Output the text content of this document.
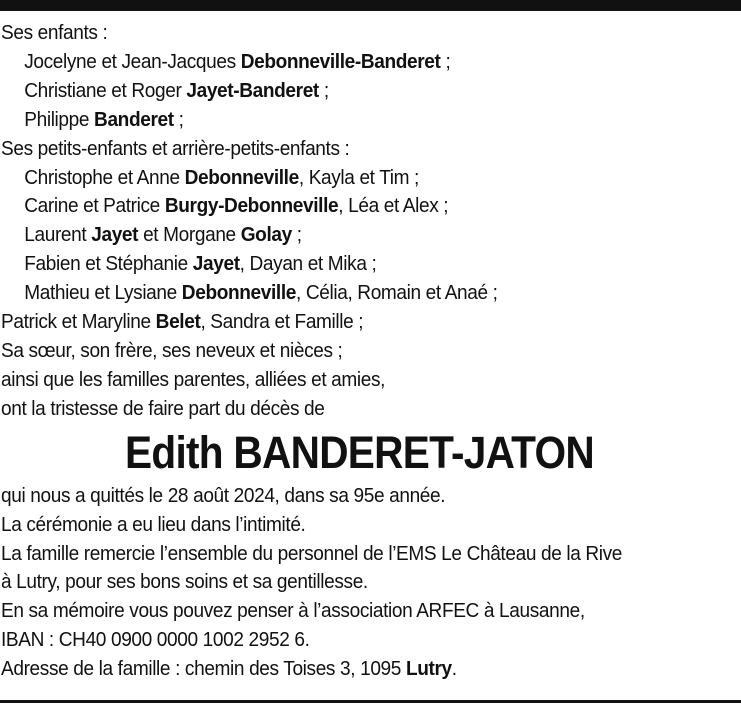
Ses enfants :
Jocelyne et Jean-Jacques Debonneville-Banderet ;
Christiane et Roger Jayet-Banderet ;
Philippe Banderet ;
Ses petits-enfants et arrière-petits-enfants :
Christophe et Anne Debonneville, Kayla et Tim ;
Carine et Patrice Burgy-Debonneville, Léa et Alex ;
Laurent Jayet et Morgane Golay ;
Fabien et Stéphanie Jayet, Dayan et Mika ;
Mathieu et Lysiane Debonneville, Célia, Romain et Anaé ;
Patrick et Maryline Belet, Sandra et Famille ;
Sa sœur, son frère, ses neveux et nièces ;
ainsi que les familles parentes, alliées et amies,
ont la tristesse de faire part du décès de
Edith BANDERET-JATON
qui nous a quittés le 28 août 2024, dans sa 95e année.
La cérémonie a eu lieu dans l’intimité.
La famille remercie l’ensemble du personnel de l’EMS Le Château de la Rive
à Lutry, pour ses bons soins et sa gentillesse.
En sa mémoire vous pouvez penser à l’association ARFEC à Lausanne,
IBAN : CH40 0900 0000 1002 2952 6.
Adresse de la famille : chemin des Toises 3, 1095 Lutry.
